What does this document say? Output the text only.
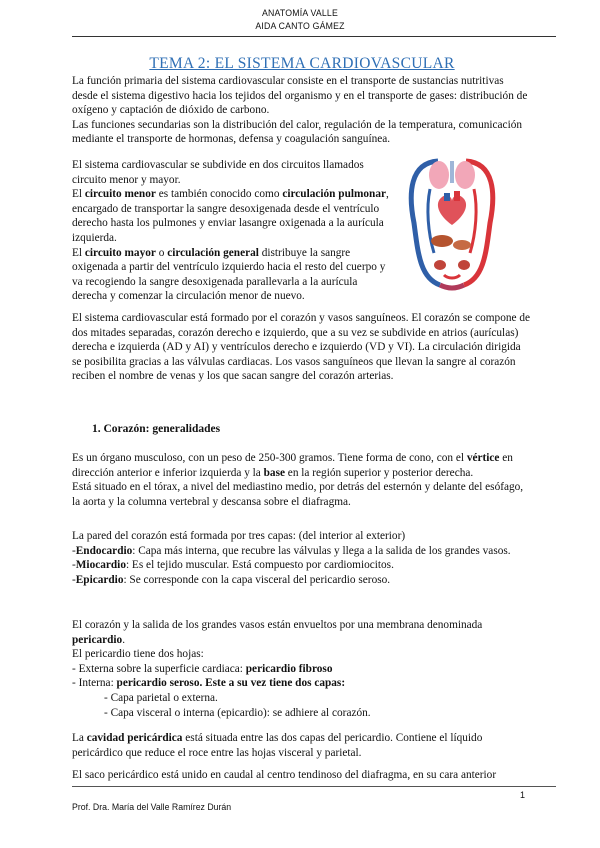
ANATOMÍA VALLE
AIDA CANTO GÁMEZ
TEMA 2: EL SISTEMA CARDIOVASCULAR

La función primaria del sistema cardiovascular consiste en el transporte de sustancias nutritivas desde el sistema digestivo hacia los tejidos del organismo y en el transporte de gases: distribución de oxígeno y captación de dióxido de carbono.

Las funciones secundarias son la distribución del calor, regulación de la temperatura, comunicación mediante el transporte de hormonas, defensa y coagulación sanguínea.

El sistema cardiovascular se subdivide en dos circuitos llamados circuito menor y mayor.

El circuito menor es también conocido como circulación pulmonar, encargado de transportar la sangre desoxigenada desde el ventrículo derecho hasta los pulmones y enviar lasangre oxigenada a la aurícula izquierda.

El circuito mayor o circulación general distribuye la sangre oxigenada a partir del ventrículo izquierdo hacia el resto del cuerpo y va recogiendo la sangre desoxigenada parallevarla a la aurícula derecha y comenzar la circulación menor de nuevo.

El sistema cardiovascular está formado por el corazón y vasos sanguíneos. El corazón se compone de dos mitades separadas, corazón derecho e izquierdo, que a su vez se subdivide en atrios (aurículas) derecha e izquierda (AD y AI) y ventrículos derecho e izquierdo (VD y VI). La circulación dirigida se posibilita gracias a las válvulas cardiacas. Los vasos sanguíneos que llevan la sangre al corazón reciben el nombre de venas y los que sacan sangre del corazón arterias.

1. Corazón: generalidades

Es un órgano musculoso, con un peso de 250-300 gramos. Tiene forma de cono, con el vértice en dirección anterior e inferior izquierda y la base en la región superior y posterior derecha.

Está situado en el tórax, a nivel del mediastino medio, por detrás del esternón y delante del esófago, la aorta y la columna vertebral y descansa sobre el diafragma.

La pared del corazón está formada por tres capas: (del interior al exterior)

-Endocardio: Capa más interna, que recubre las válvulas y llega a la salida de los grandes vasos.

-Miocardio: Es el tejido muscular. Está compuesto por cardiomiocitos.

-Epicardio: Se corresponde con la capa visceral del pericardio seroso.

El corazón y la salida de los grandes vasos están envueltos por una membrana denominada pericardio.

El pericardio tiene dos hojas:

- Externa sobre la superficie cardiaca: pericardio fibroso

- Interna: pericardio seroso. Este a su vez tiene dos capas:

- Capa parietal o externa.

- Capa visceral o interna (epicardio): se adhiere al corazón.

La cavidad pericárdica está situada entre las dos capas del pericardio. Contiene el líquido pericárdico que reduce el roce entre las hojas visceral y parietal.

El saco pericárdico está unido en caudal al centro tendinoso del diafragma, en su cara anterior

1
Prof. Dra. María del Valle Ramírez Durán
